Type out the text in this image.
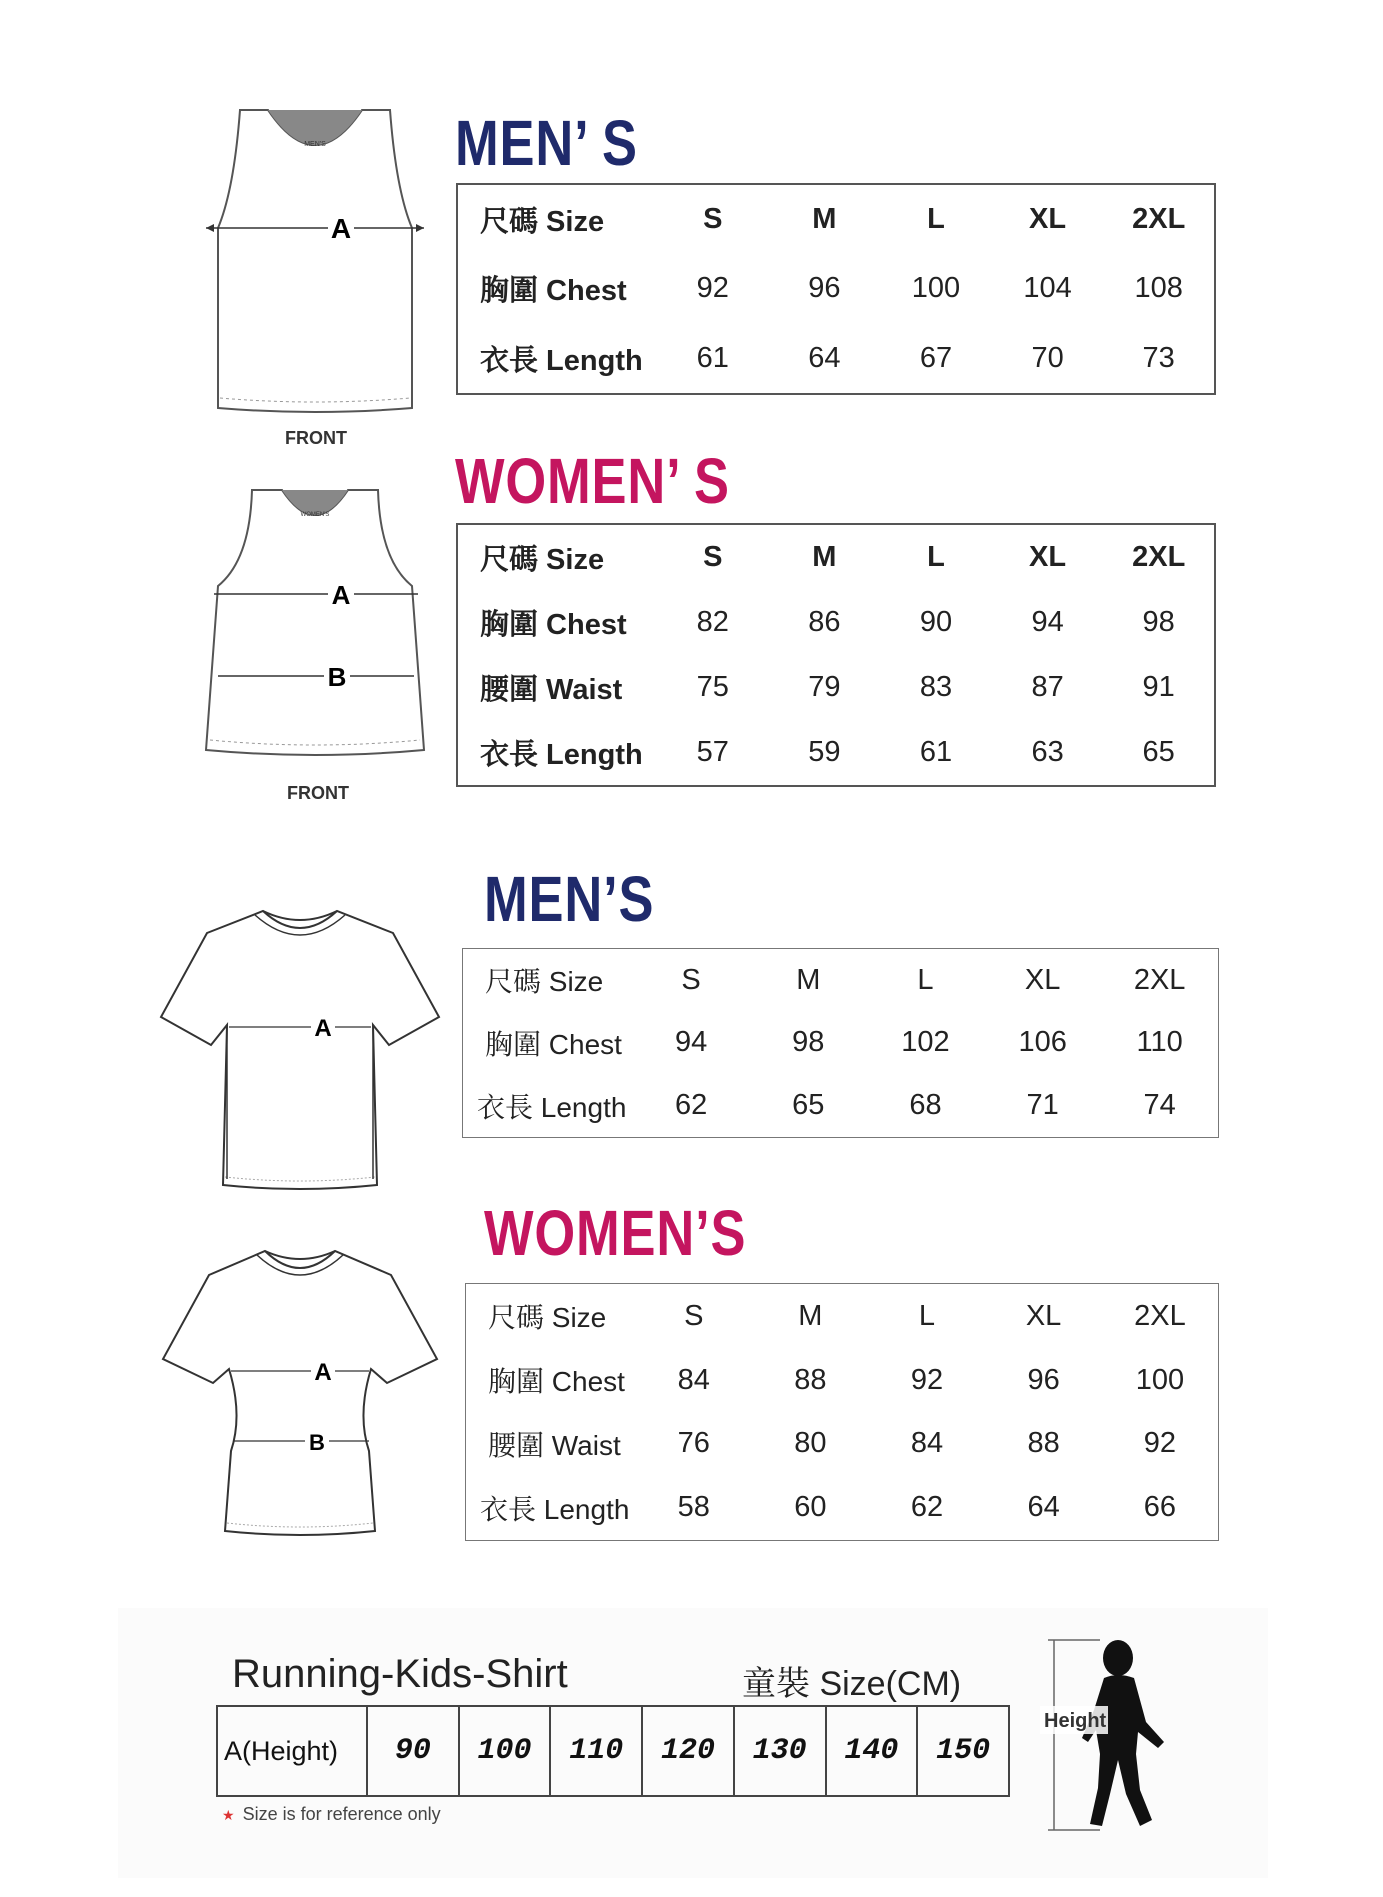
MEN'S
A
FRONT
MEN’ S
尺碼 Size	S	M	L	XL	2XL
胸圍 Chest	92	96	100	104	108
衣長 Length	61	64	67	70	73
WOMEN'S
A
B
FRONT
WOMEN’ S
尺碼 Size	S	M	L	XL	2XL
胸圍 Chest	82	86	90	94	98
腰圍 Waist	75	79	83	87	91
衣長 Length	57	59	61	63	65
A
MEN’S
尺碼 Size	S	M	L	XL	2XL
胸圍 Chest	94	98	102	106	110
衣長 Length	62	65	68	71	74
A
B
WOMEN’S
尺碼 Size	S	M	L	XL	2XL
胸圍 Chest	84	88	92	96	100
腰圍 Waist	76	80	84	88	92
衣長 Length	58	60	62	64	66
Running-Kids-Shirt	童裝 Size(CM)
A(Height)	90	100	110	120	130	140	150
★ Size is for reference only
Height
